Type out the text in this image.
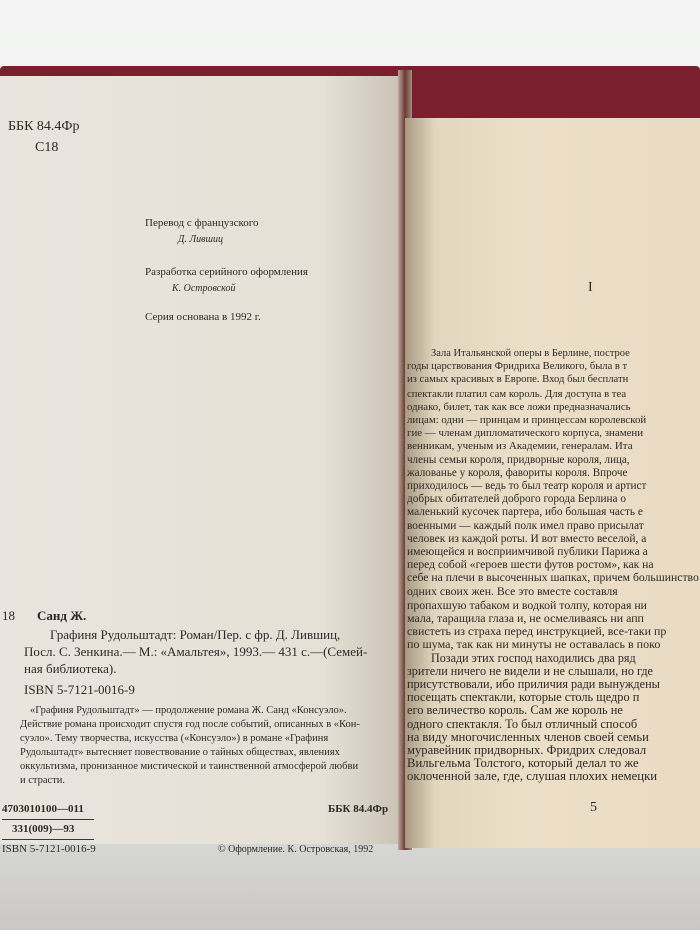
ББК 84.4Фр
С18
Перевод с французского
Д. Лившиц
Разработка серийного оформления
К. Островской
Серия основана в 1992 г.
Санд Ж.
18
Графиня Рудольштадт: Роман/Пер. с фр. Д. Лившиц,
Посл. С. Зенкина.— М.: «Амальтея», 1993.— 431 с.—(Семей-
ная библиотека).
ISBN 5-7121-0016-9
«Графиня Рудольштадт» — продолжение романа Ж. Санд «Консуэло».
Действие романа происходит спустя год после событий, описанных в «Кон-
суэло». Тему творчества, искусства («Консуэло») в романе «Графиня
Рудольштадт» вытесняет повествование о тайных обществах, явлениях
оккультизма, пронизанное мистической и таинственной атмосферой любви
и страсти.
4703010100—011
331(009)—93
ББК 84.4Фр
ISBN 5-7121-0016-9	© Оформление. К. Островская, 1992
I
Зала Итальянской оперы в Берлине, построе
годы царствования Фридриха Великого, была в т
из самых красивых в Европе. Вход был бесплатн
спектакли платил сам король. Для доступа в теа
однако, билет, так как все ложи предназначались
лицам: одни — принцам и принцессам королевской
гие — членам дипломатического корпуса, знамени
венникам, ученым из Академии, генералам. Ита
члены семьи короля, придворные короля, лица,
жалованье у короля, фавориты короля. Впроче
приходилось — ведь то был театр короля и артист
добрых обитателей доброго города Берлина о
маленький кусочек партера, ибо большая часть е
военными — каждый полк имел право присылат
человек из каждой роты. И вот вместо веселой, а
имеющейся и восприимчивой публики Парижа а
перед собой «героев шести футов ростом», как на
себе на плечи в высоченных шапках, причем большинство
одних своих жен. Все это вместе составля
пропахшую табаком и водкой толпу, которая ни
мала, таращила глаза и, не осмеливаясь ни апп
свистеть из страха перед инструкцией, все-таки пр
по шума, так как ни минуты не оставалась в поко
Позади этих господ находились два ряд
зрители ничего не видели и не слышали, но гдe
присутствовали, ибо приличия ради вынуждены
посещать спектакли, которые столь щедро п
его величество король. Сам же король не
одного спектакля. То был отличный способ
на виду многочисленных членов своей семьи
муравейник придворных. Фридрих следовал
Вильгельма Толстого, который делал то же
оклоченной зале, где, слушая плохих немецки
5
